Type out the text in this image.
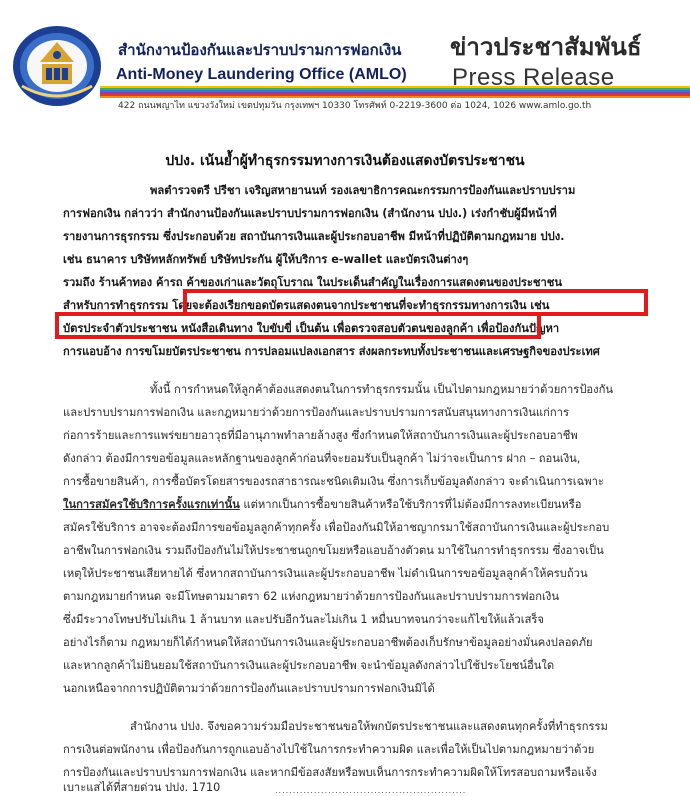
สำนักงานป้องกันและปราบปรามการฟอกเงิน
Anti-Money Laundering Office (AMLO)
ข่าวประชาสัมพันธ์
Press Release
422 ถนนพญาไท แขวงวังใหม่ เขตปทุมวัน กรุงเทพฯ 10330 โทรศัพท์ 0-2219-3600 ต่อ 1024, 1026 www.amlo.go.th
ปปง. เน้นย้ำผู้ทำธุรกรรมทางการเงินต้องแสดงบัตรประชาชน
พลตำรวจตรี ปรีชา เจริญสหายานนท์ รองเลขาธิการคณะกรรมการป้องกันและปราบปราม
การฟอกเงิน กล่าวว่า สำนักงานป้องกันและปราบปรามการฟอกเงิน (สำนักงาน ปปง.) เร่งกำชับผู้มีหน้าที่
รายงานการธุรกรรม ซึ่งประกอบด้วย สถาบันการเงินและผู้ประกอบอาชีพ มีหน้าที่ปฏิบัติตามกฎหมาย ปปง.
เช่น ธนาคาร บริษัทหลักทรัพย์ บริษัทประกัน ผู้ให้บริการ e-wallet และบัตรเงินต่างๆ
รวมถึง ร้านค้าทอง ค้ารถ ค้าของเก่าและวัตถุโบราณ ในประเด็นสำคัญในเรื่องการแสดงตนของประชาชน
สำหรับการทำธุรกรรม โดยจะต้องเรียกขอดบัตรแสดงตนจากประชาชนที่จะทำธุรกรรมทางการเงิน เช่น
บัตรประจำตัวประชาชน หนังสือเดินทาง ใบขับขี่ เป็นต้น เพื่อตรวจสอบตัวตนของลูกค้า เพื่อป้องกันปัญหา
การแอบอ้าง การขโมยบัตรประชาชน การปลอมแปลงเอกสาร ส่งผลกระทบทั้งประชาชนและเศรษฐกิจของประเทศ
ทั้งนี้ การกำหนดให้ลูกค้าต้องแสดงตนในการทำธุรกรรมนั้น เป็นไปตามกฎหมายว่าด้วยการป้องกัน
และปราบปรามการฟอกเงิน และกฎหมายว่าด้วยการป้องกันและปราบปรามการสนับสนุนทางการเงินแก่การ
ก่อการร้ายและการแพร่ขยายอาวุธที่มีอานุภาพทำลายล้างสูง ซึ่งกำหนดให้สถาบันการเงินและผู้ประกอบอาชีพ
ดังกล่าว ต้องมีการขอข้อมูลและหลักฐานของลูกค้าก่อนที่จะยอมรับเป็นลูกค้า ไม่ว่าจะเป็นการ ฝาก – ถอนเงิน,
การซื้อขายสินค้า, การซื้อบัตรโดยสารของรถสาธารณะชนิดเติมเงิน ซึ่งการเก็บข้อมูลดังกล่าว จะดำเนินการเฉพาะ
ในการสมัครใช้บริการครั้งแรกเท่านั้น แต่หากเป็นการซื้อขายสินค้าหรือใช้บริการที่ไม่ต้องมีการลงทะเบียนหรือ
สมัครใช้บริการ อาจจะต้องมีการขอข้อมูลลูกค้าทุกครั้ง เพื่อป้องกันมิให้อาชญากรมาใช้สถาบันการเงินและผู้ประกอบ
อาชีพในการฟอกเงิน รวมถึงป้องกันไม่ให้ประชาชนถูกขโมยหรือแอบอ้างตัวตน มาใช้ในการทำธุรกรรม ซึ่งอาจเป็น
เหตุให้ประชาชนเสียหายได้ ซึ่งหากสถาบันการเงินและผู้ประกอบอาชีพ ไม่ดำเนินการขอข้อมูลลูกค้าให้ครบถ้วน
ตามกฎหมายกำหนด จะมีโทษตามมาตรา 62 แห่งกฎหมายว่าด้วยการป้องกันและปราบปรามการฟอกเงิน
ซึ่งมีระวางโทษปรับไม่เกิน 1 ล้านบาท และปรับอีกวันละไม่เกิน 1 หมื่นบาทจนกว่าจะแก้ไขให้แล้วเสร็จ
อย่างไรก็ตาม กฎหมายก็ได้กำหนดให้สถาบันการเงินและผู้ประกอบอาชีพต้องเก็บรักษาข้อมูลอย่างมั่นคงปลอดภัย
และหากลูกค้าไม่ยินยอมใช้สถาบันการเงินและผู้ประกอบอาชีพ จะนำข้อมูลดังกล่าวไปใช้ประโยชน์อื่นใด
นอกเหนือจากการปฏิบัติตามว่าด้วยการป้องกันและปราบปรามการฟอกเงินมิได้
สำนักงาน ปปง. จึงขอความร่วมมือประชาชนขอให้พกบัตรประชาชนและแสดงตนทุกครั้งที่ทำธุรกรรม
การเงินต่อพนักงาน เพื่อป้องกันการถูกแอบอ้างไปใช้ในการกระทำความผิด และเพื่อให้เป็นไปตามกฎหมายว่าด้วย
การป้องกันและปราบปรามการฟอกเงิน และหากมีข้อสงสัยหรือพบเห็นการกระทำความผิดให้โทรสอบถามหรือแจ้ง
เบาะแสได้ที่สายด่วน ปปง. 1710	......................................................
